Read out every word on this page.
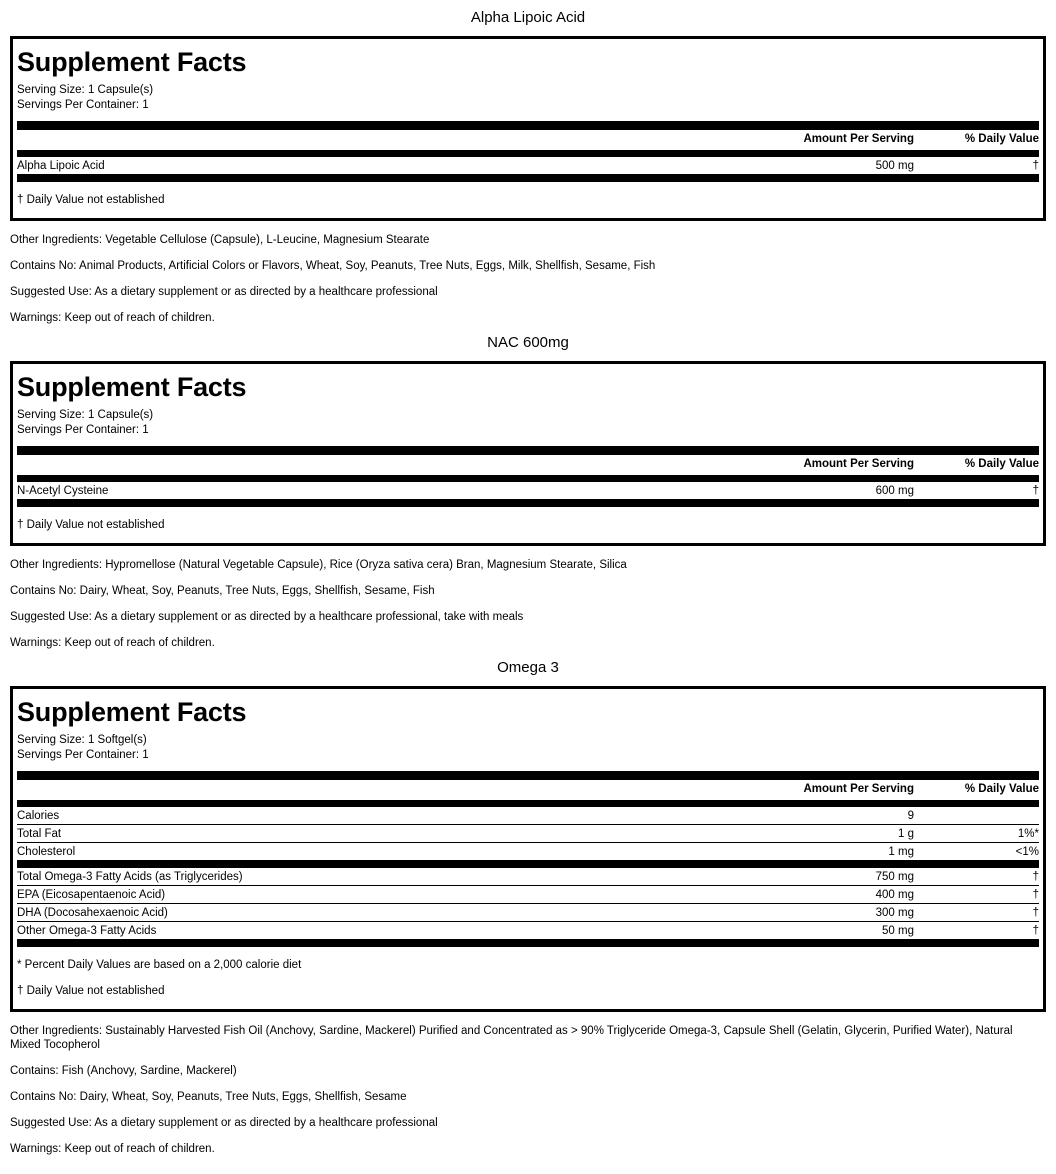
Alpha Lipoic Acid
Supplement Facts
Serving Size: 1 Capsule(s)
Servings Per Container: 1
	Amount Per Serving	% Daily Value
Alpha Lipoic Acid	500 mg	†
† Daily Value not established
Other Ingredients: Vegetable Cellulose (Capsule), L-Leucine, Magnesium Stearate
Contains No: Animal Products, Artificial Colors or Flavors, Wheat, Soy, Peanuts, Tree Nuts, Eggs, Milk, Shellfish, Sesame, Fish
Suggested Use: As a dietary supplement or as directed by a healthcare professional
Warnings: Keep out of reach of children.
NAC 600mg
Supplement Facts
Serving Size: 1 Capsule(s)
Servings Per Container: 1
	Amount Per Serving	% Daily Value
N-Acetyl Cysteine	600 mg	†
† Daily Value not established
Other Ingredients: Hypromellose (Natural Vegetable Capsule), Rice (Oryza sativa cera) Bran, Magnesium Stearate, Silica
Contains No: Dairy, Wheat, Soy, Peanuts, Tree Nuts, Eggs, Shellfish, Sesame, Fish
Suggested Use: As a dietary supplement or as directed by a healthcare professional, take with meals
Warnings: Keep out of reach of children.
Omega 3
Supplement Facts
Serving Size: 1 Softgel(s)
Servings Per Container: 1
	Amount Per Serving	% Daily Value
Calories	9	
Total Fat	1 g	1%*
Cholesterol	1 mg	<1%
Total Omega-3 Fatty Acids (as Triglycerides)	750 mg	†
EPA (Eicosapentaenoic Acid)	400 mg	†
DHA (Docosahexaenoic Acid)	300 mg	†
Other Omega-3 Fatty Acids	50 mg	†
* Percent Daily Values are based on a 2,000 calorie diet
† Daily Value not established
Other Ingredients: Sustainably Harvested Fish Oil (Anchovy, Sardine, Mackerel) Purified and Concentrated as > 90% Triglyceride Omega-3, Capsule Shell (Gelatin, Glycerin, Purified Water), Natural Mixed Tocopherol
Contains: Fish (Anchovy, Sardine, Mackerel)
Contains No: Dairy, Wheat, Soy, Peanuts, Tree Nuts, Eggs, Shellfish, Sesame
Suggested Use: As a dietary supplement or as directed by a healthcare professional
Warnings: Keep out of reach of children.
